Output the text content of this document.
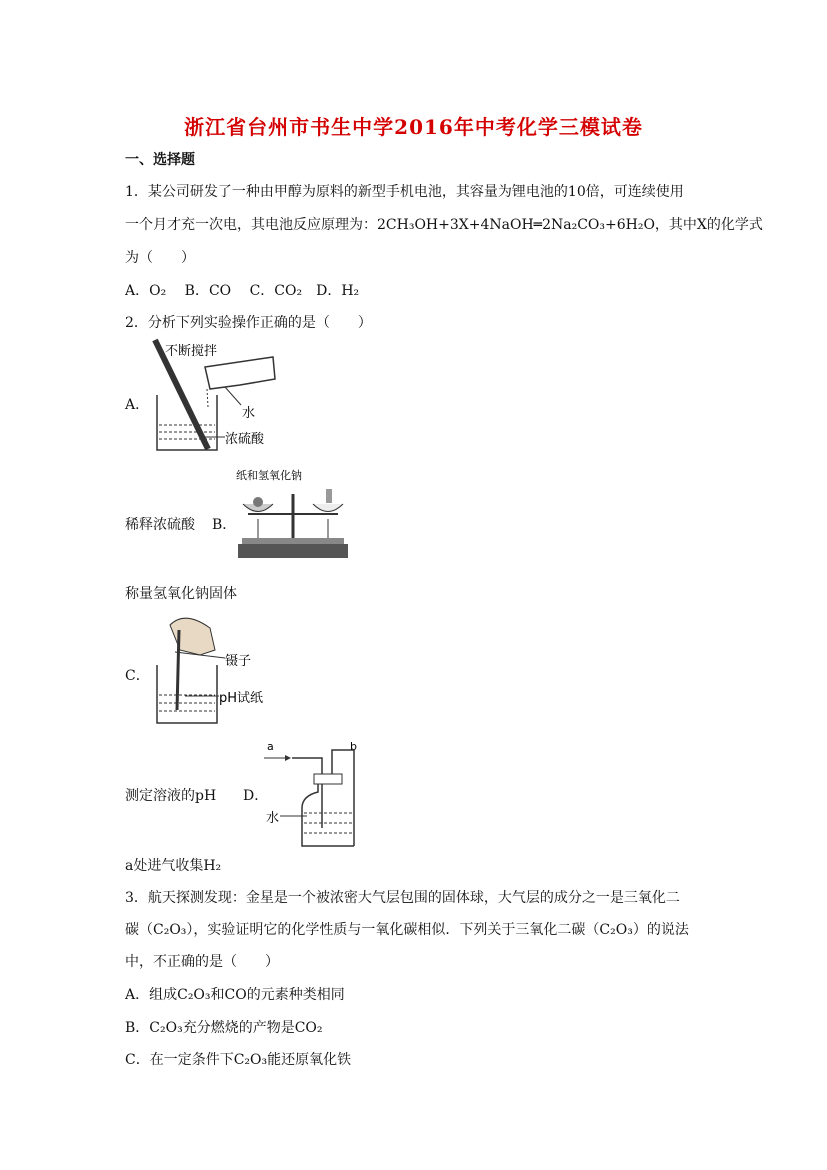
浙江省台州市书生中学2016年中考化学三模试卷
一、选择题
1．某公司研发了一种由甲醇为原料的新型手机电池，其容量为锂电池的10倍，可连续使用
一个月才充一次电，其电池反应原理为：2CH₃OH+3X+4NaOH═2Na₂CO₃+6H₂O，其中X的化学式
为（　　）
A．O₂　 B．CO　 C．CO₂　D．H₂
2．分析下列实验操作正确的是（　　）
A．
不断搅拌
水
浓硫酸
稀释浓硫酸 B．
纸和氢氧化钠
称量氢氧化钠固体
C．
镊子
pH试纸
测定溶液的pH D．
a	b
水
a处进气收集H₂
3．航天探测发现：金星是一个被浓密大气层包围的固体球，大气层的成分之一是三氧化二
碳（C₂O₃），实验证明它的化学性质与一氧化碳相似．下列关于三氧化二碳（C₂O₃）的说法
中，不正确的是（　　）
A．组成C₂O₃和CO的元素种类相同
B．C₂O₃充分燃烧的产物是CO₂
C．在一定条件下C₂O₃能还原氧化铁
